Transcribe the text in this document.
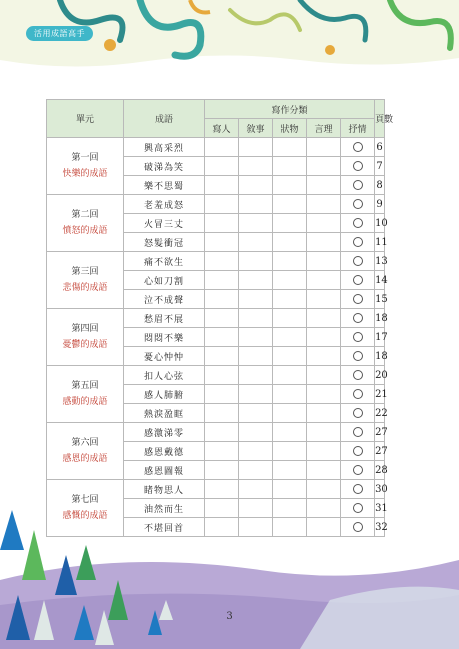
活用成語高手
單元	成語	寫作分類					頁數
		寫人	敘事	狀物	言理	抒情	

第一回
快樂的成語	興高采烈						6
	破涕為笑						7
	樂不思蜀						8

第二回
憤怒的成語	老羞成怒						9
	火冒三丈						10
	怒髮衝冠						11

第三回
悲傷的成語	痛不欲生						13
	心如刀割						14
	泣不成聲						15

第四回
憂鬱的成語	愁眉不展						18
	悶悶不樂						17
	憂心忡忡						18

第五回
感動的成語	扣人心弦						20
	感人肺腑						21
	熱淚盈眶						22

第六回
感恩的成語	感激涕零						27
	感恩戴德						27
	感恩圖報						28

第七回
感慨的成語	睹物思人						30
	油然而生						31
	不堪回首						32
3
